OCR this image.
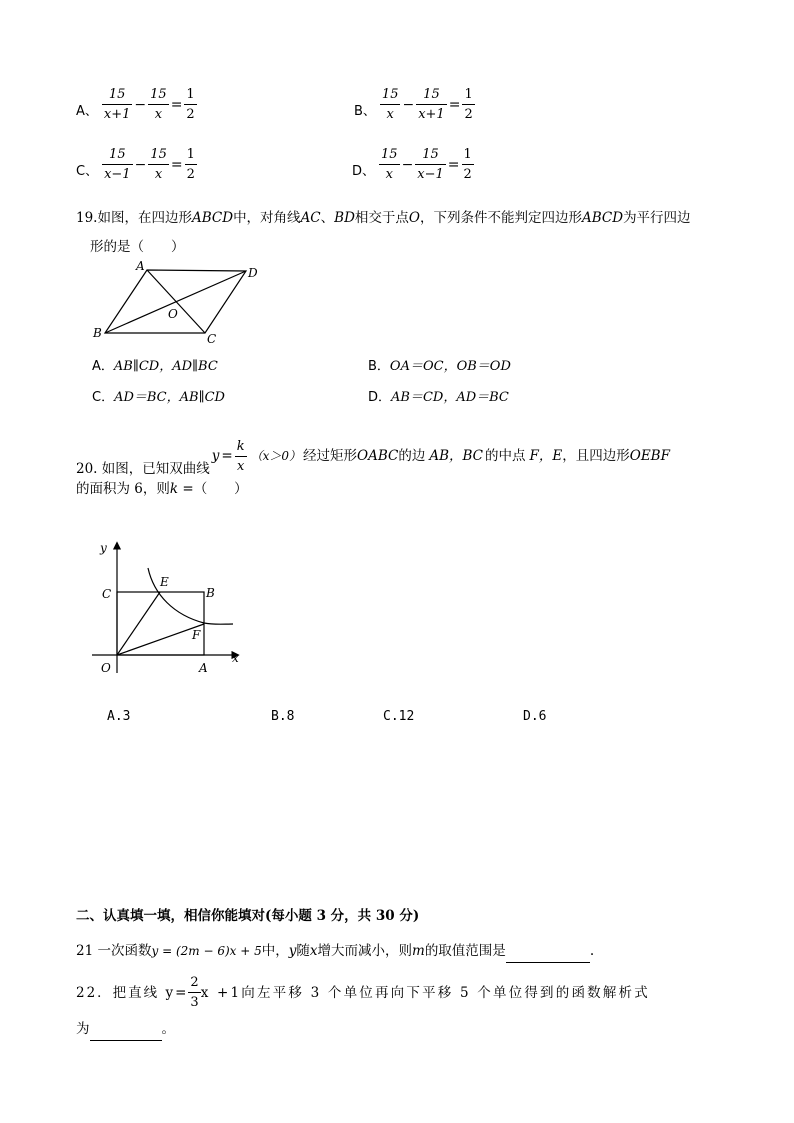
A、 $\frac{15}{x+1} - \frac{15}{x} = \frac{1}{2}$	B、 $\frac{15}{x} - \frac{15}{x+1} = \frac{1}{2}$
C、 $\frac{15}{x-1} - \frac{15}{x} = \frac{1}{2}$	D、 $\frac{15}{x} - \frac{15}{x-1} = \frac{1}{2}$
19.如图，在四边形ABCD中，对角线AC、BD相交于点O，下列条件不能判定四边形ABCD为平行四边
形的是（　　）
A	D
B	C
O
A．AB∥CD，AD∥BC	B．OA＝OC，OB＝OD
C．AD＝BC，AB∥CD	D．AB＝CD，AD＝BC
20. 如图，已知双曲线
$y = \frac{k}{x} (x>0)$ 经过矩形 OABC 的边 AB，BC 的中点 F，E ，且四边形 OEBF
的面积为 6，则k =（　　）
y
x
C
E
B
F
O	A
A.3	B.8	C.12	D.6
二、认真填一填，相信你能填对(每小题 3 分，共 30 分)
21 一次函数y = (2m − 6)x + 5中，y随x增大而减小，则m的取值范围是	.
22．把直线 $y= \frac{2}{3}$ x +1向左平移 3 个单位再向下平移 5 个单位得到的函数解析式
为	。
